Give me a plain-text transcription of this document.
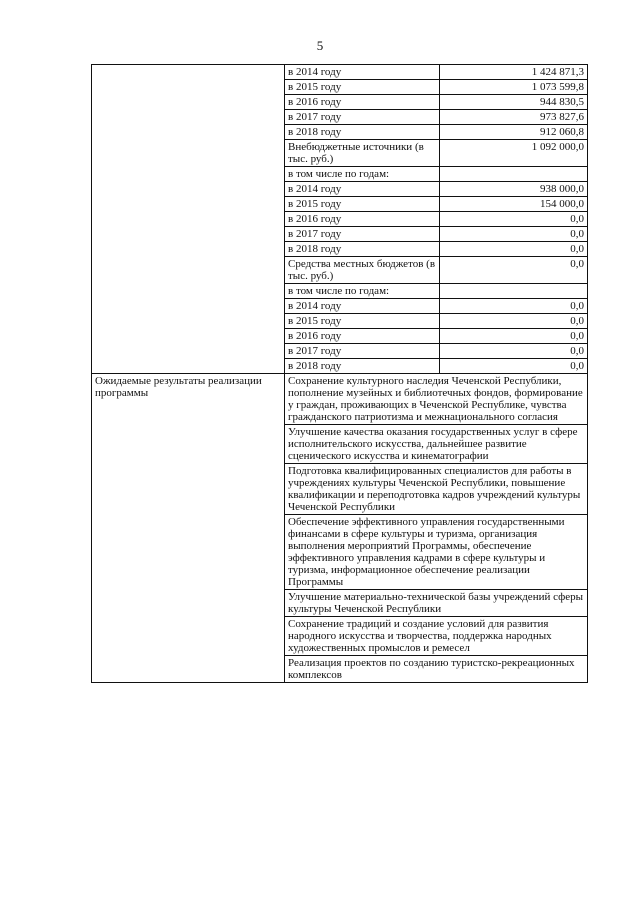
5
	в 2014 году	1 424 871,3
	в 2015 году	1 073 599,8
	в 2016 году	944 830,5
	в 2017 году	973 827,6
	в 2018 году	912 060,8
	Внебюджетные источники (в тыс. руб.)	1 092 000,0
	в том числе по годам:	
	в 2014 году	938 000,0
	в 2015 году	154 000,0
	в 2016 году	0,0
	в 2017 году	0,0
	в 2018 году	0,0
	Средства местных бюджетов (в тыс. руб.)	0,0
	в том числе по годам:	
	в 2014 году	0,0
	в 2015 году	0,0
	в 2016 году	0,0
	в 2017 году	0,0
	в 2018 году	0,0

Ожидаемые результаты реализации программы	Сохранение культурного наследия Чеченской Республики, пополнение музейных и библиотечных фондов, формирование у граждан, проживающих в Чеченской Республике, чувства гражданского патриотизма и межнационального согласия	
	Улучшение качества оказания государственных услуг в сфере исполнительского искусства, дальнейшее развитие сценического искусства и кинематографии	
	Подготовка квалифицированных специалистов для работы в учреждениях культуры Чеченской Республики, повышение квалификации и переподготовка кадров учреждений культуры Чеченской Республики	
	Обеспечение эффективного управления государственными финансами в сфере культуры и туризма, организация выполнения мероприятий Программы, обеспечение эффективного управления кадрами в сфере культуры и туризма, информационное обеспечение реализации Программы	
	Улучшение материально-технической базы учреждений сферы культуры Чеченской Республики	
	Сохранение традиций и создание условий для развития народного искусства и творчества, поддержка народных художественных промыслов и ремесел	
	Реализация проектов по созданию туристско-рекреационных комплексов	
